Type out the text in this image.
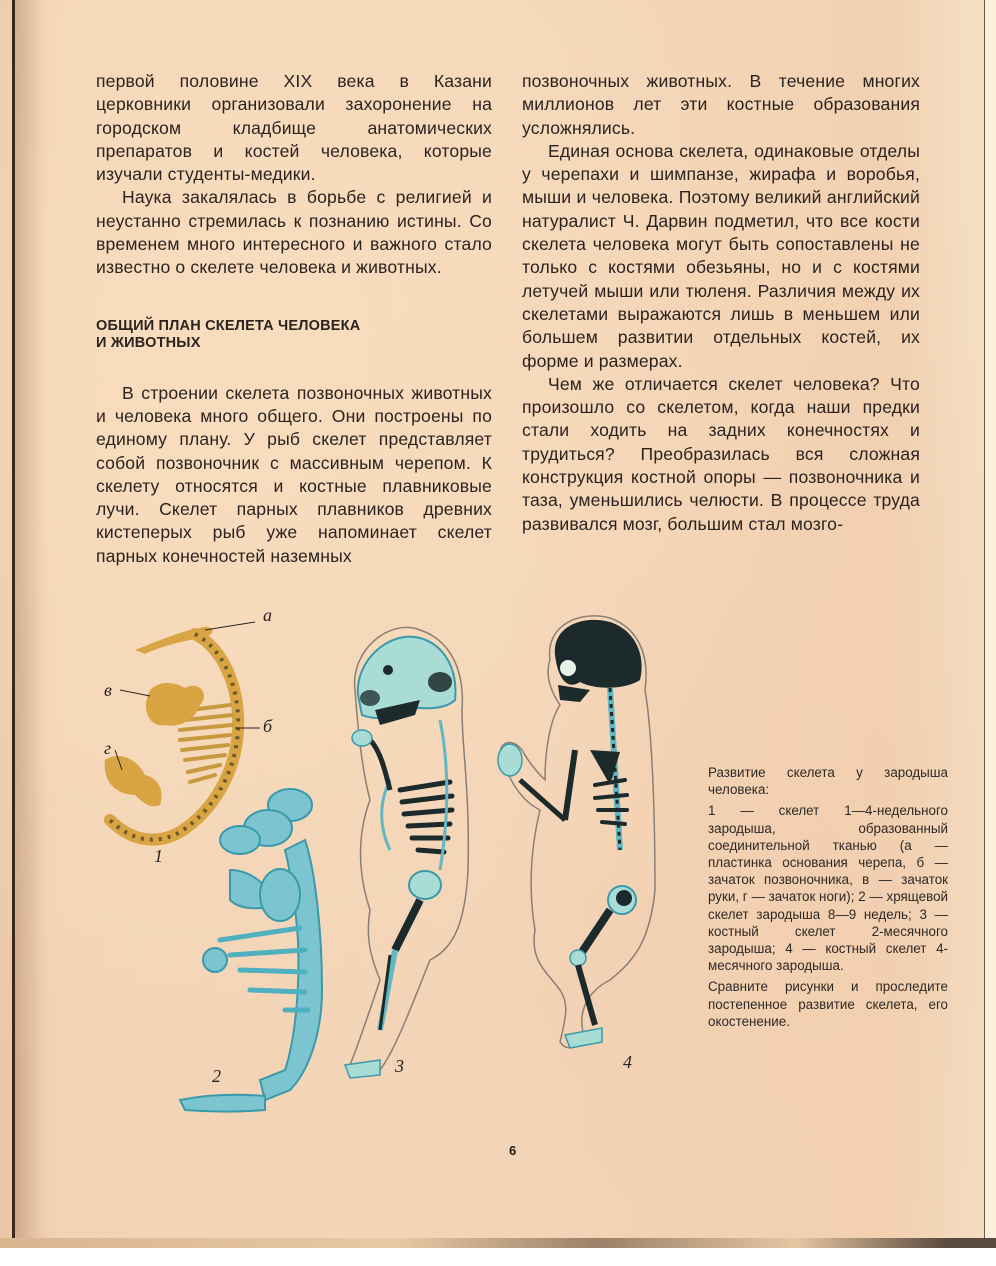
первой половине XIX века в Казани церковники организовали захоронение на городском кладбище анатомических препаратов и костей человека, которые изучали студенты-медики.

Наука закалялась в борьбе с религией и неустанно стремилась к познанию истины. Со временем много интересного и важного стало известно о скелете человека и животных.

ОБЩИЙ ПЛАН СКЕЛЕТА ЧЕЛОВЕКА

И ЖИВОТНЫХ

В строении скелета позвоночных животных и человека много общего. Они построены по единому плану. У рыб скелет представляет собой позвоночник с массивным черепом. К скелету относятся и костные плавниковые лучи. Скелет парных плавников древних кистеперых рыб уже напоминает скелет парных конечностей наземных

позвоночных животных. В течение многих миллионов лет эти костные образования усложнялись.

Единая основа скелета, одинаковые отделы у черепахи и шимпанзе, жирафа и воробья, мыши и человека. Поэтому великий английский натуралист Ч. Дарвин подметил, что все кости скелета человека могут быть сопоставлены не только с костями обезьяны, но и с костями летучей мыши или тюленя. Различия между их скелетами выражаются лишь в меньшем или большем развитии отдельных костей, их форме и размерах.

Чем же отличается скелет человека? Что произошло со скелетом, когда наши предки стали ходить на задних конечностях и трудиться? Преобразилась вся сложная конструкция костной опоры — позвоночника и таза, уменьшились челюсти. В процессе труда развивался мозг, большим стал мозго-

а
б
в
г
1
2	3	4

Развитие скелета у зародыша человека:

1 — скелет 1—4-недельного зародыша, образованный соединительной тканью (а — пластинка основания черепа, б — зачаток позвоночника, в — зачаток руки, г — зачаток ноги); 2 — хрящевой скелет зародыша 8—9 недель; 3 — костный скелет 2-месячного зародыша; 4 — костный скелет 4-месячного зародыша.

Сравните рисунки и проследите постепенное развитие скелета, его окостенение.

6
